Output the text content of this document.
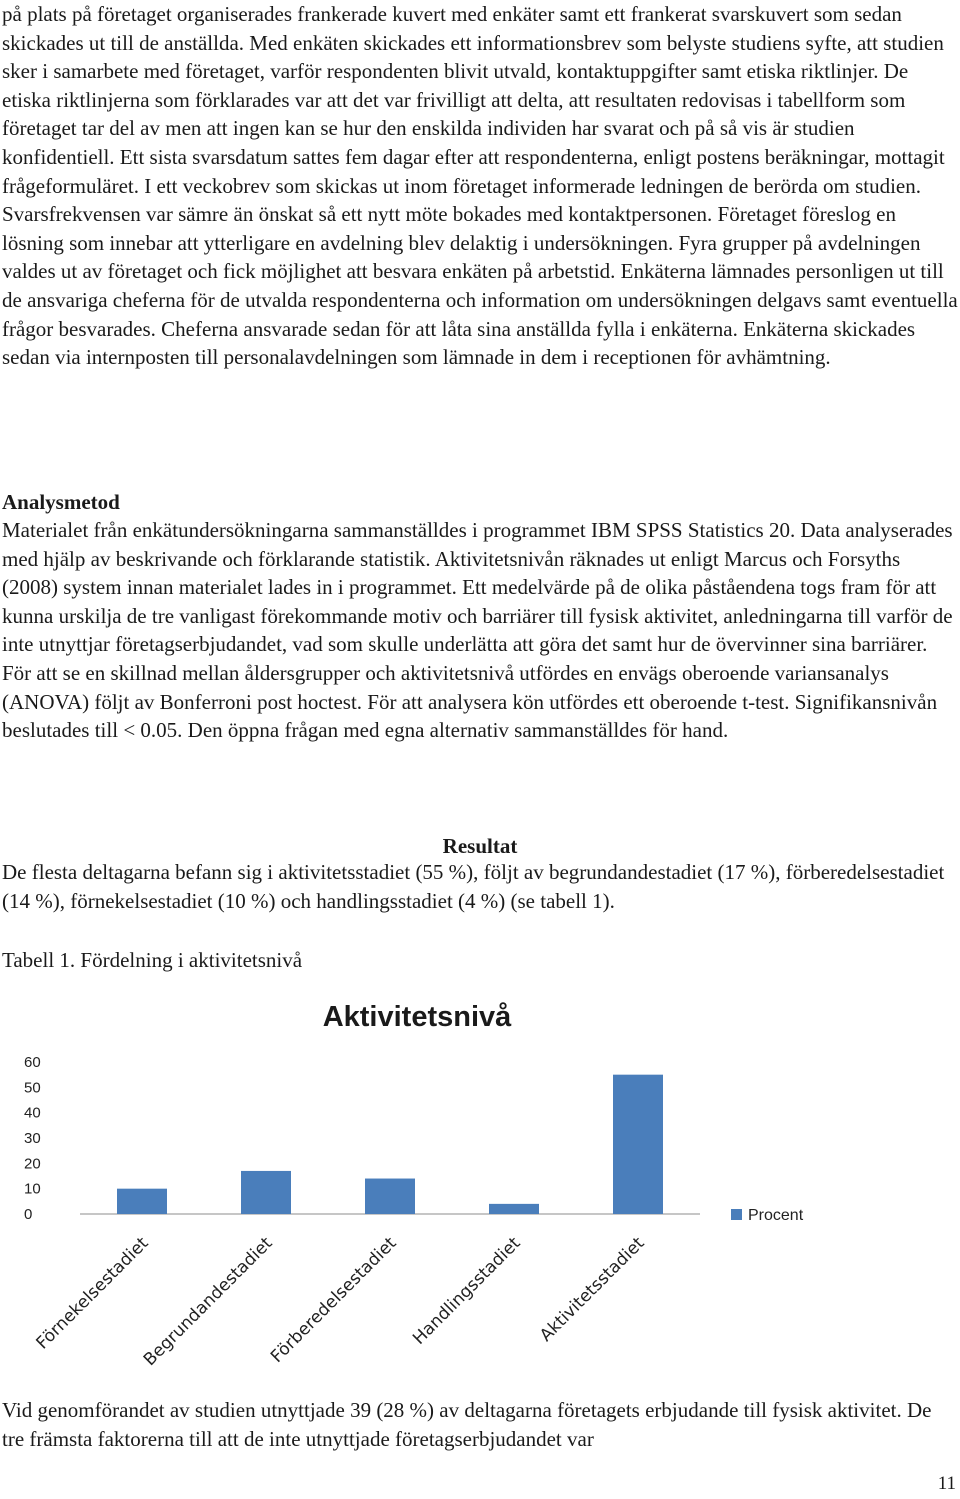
på plats på företaget organiserades frankerade kuvert med enkäter samt ett frankerat svarskuvert som sedan skickades ut till de anställda. Med enkäten skickades ett informationsbrev som belyste studiens syfte, att studien sker i samarbete med företaget, varför respondenten blivit utvald, kontaktuppgifter samt etiska riktlinjer. De etiska riktlinjerna som förklarades var att det var frivilligt att delta, att resultaten redovisas i tabellform som företaget tar del av men att ingen kan se hur den enskilda individen har svarat och på så vis är studien konfidentiell. Ett sista svarsdatum sattes fem dagar efter att respondenterna, enligt postens beräkningar, mottagit frågeformuläret. I ett veckobrev som skickas ut inom företaget informerade ledningen de berörda om studien. Svarsfrekvensen var sämre än önskat så ett nytt möte bokades med kontaktpersonen. Företaget föreslog en lösning som innebar att ytterligare en avdelning blev delaktig i undersökningen. Fyra grupper på avdelningen valdes ut av företaget och fick möjlighet att besvara enkäten på arbetstid. Enkäterna lämnades personligen ut till de ansvariga cheferna för de utvalda respondenterna och information om undersökningen delgavs samt eventuella frågor besvarades. Cheferna ansvarade sedan för att låta sina anställda fylla i enkäterna. Enkäterna skickades sedan via internposten till personalavdelningen som lämnade in dem i receptionen för avhämtning.

Analysmetod

Materialet från enkätundersökningarna sammanställdes i programmet IBM SPSS Statistics 20. Data analyserades med hjälp av beskrivande och förklarande statistik. Aktivitetsnivån räknades ut enligt Marcus och Forsyths (2008) system innan materialet lades in i programmet. Ett medelvärde på de olika påståendena togs fram för att kunna urskilja de tre vanligast förekommande motiv och barriärer till fysisk aktivitet, anledningarna till varför de inte utnyttjar företagserbjudandet, vad som skulle underlätta att göra det samt hur de övervinner sina barriärer. För att se en skillnad mellan åldersgrupper och aktivitetsnivå utfördes en envägs oberoende variansanalys (ANOVA) följt av Bonferroni post hoctest. För att analysera kön utfördes ett oberoende t-test. Signifikansnivån beslutades till < 0.05. Den öppna frågan med egna alternativ sammanställdes för hand.

Resultat

De flesta deltagarna befann sig i aktivitetsstadiet (55 %), följt av begrundandestadiet (17 %), förberedelsestadiet (14 %), förnekelsestadiet (10 %) och handlingsstadiet (4 %) (se tabell 1).

Tabell 1. Fördelning i aktivitetsnivå

Aktivitetsnivå
0
10
20
30
40
50
60
Förnekelsestadiet
Begrundandestadiet
Förberedelsestadiet Handlingsstadiet Aktivitetsstadiet
Procent

Vid genomförandet av studien utnyttjade 39 (28 %) av deltagarna företagets erbjudande till fysisk aktivitet. De tre främsta faktorerna till att de inte utnyttjade företagserbjudandet var

11
